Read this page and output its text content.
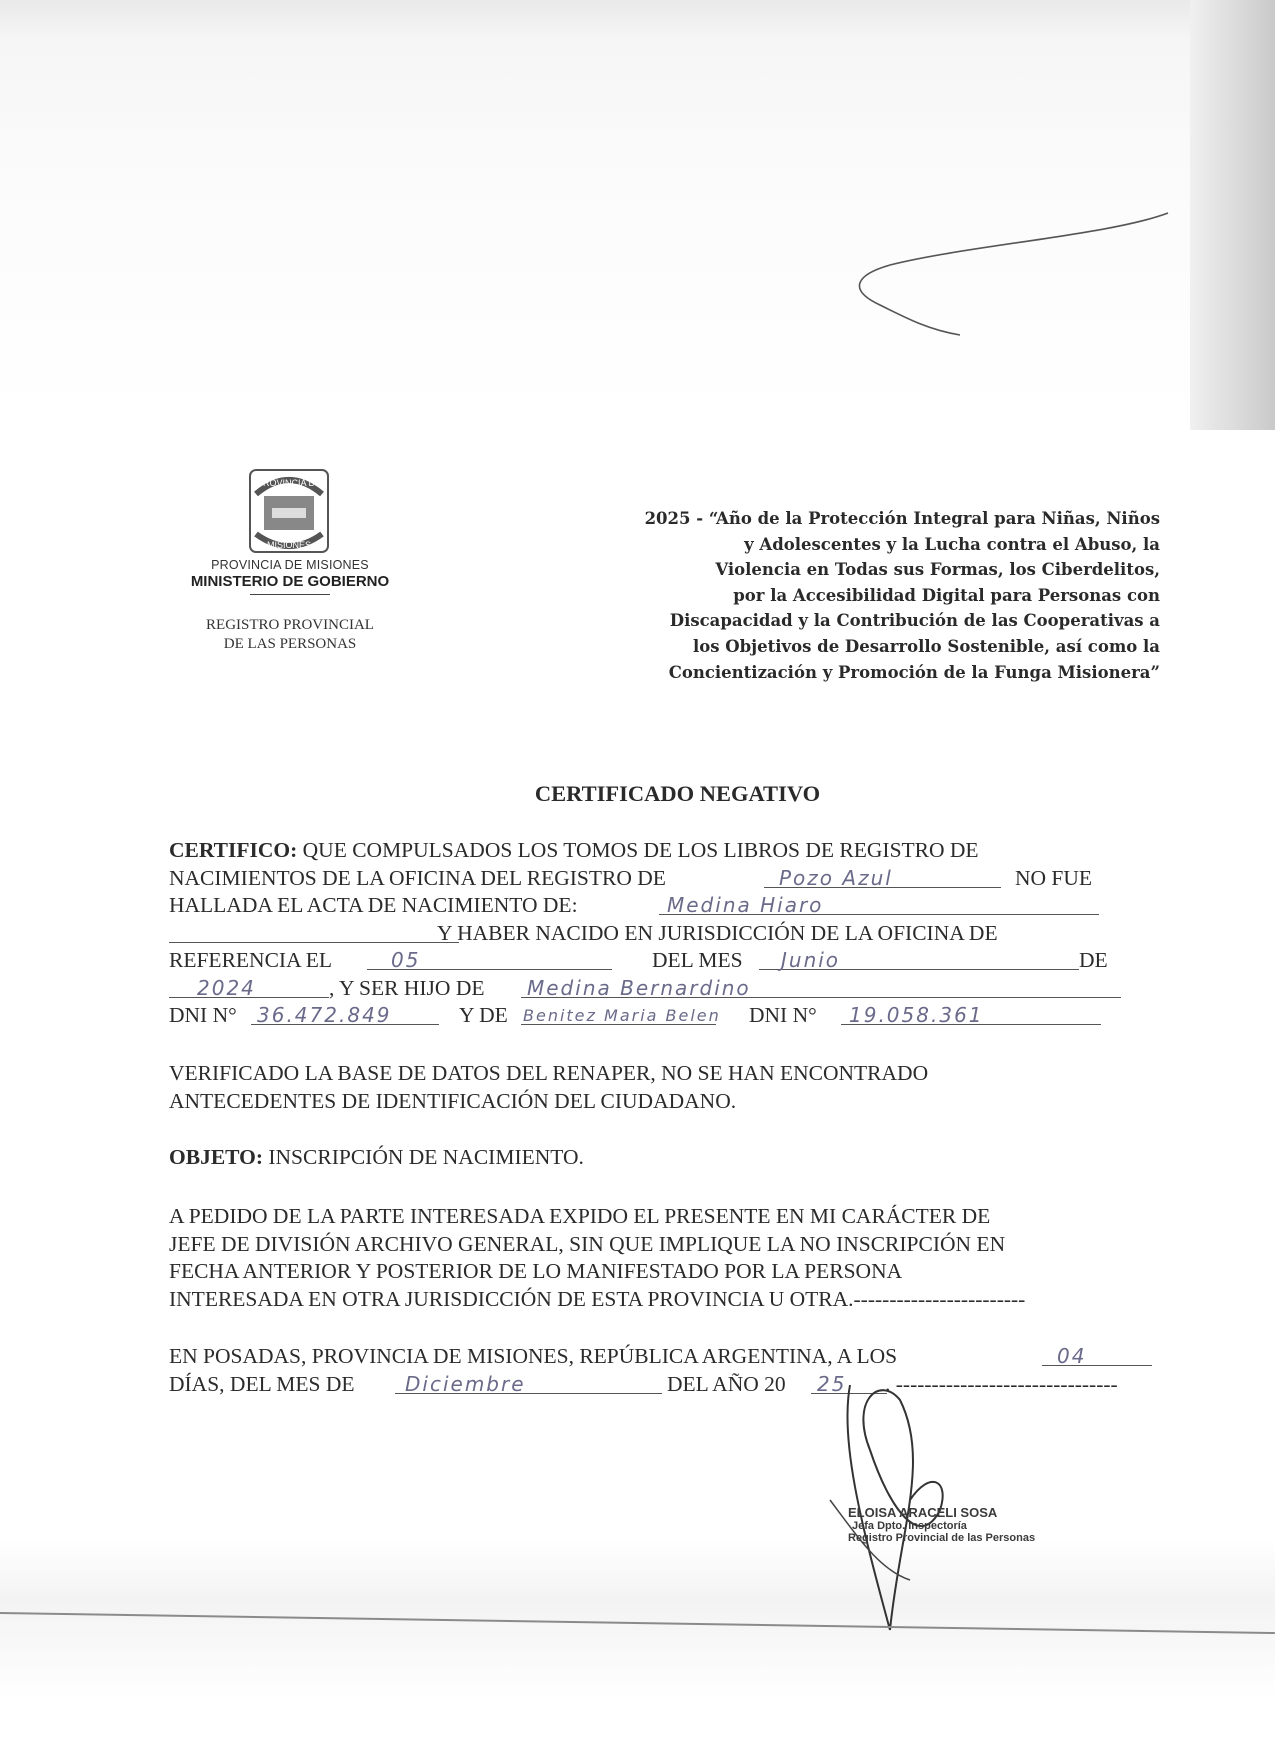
PROVINCIA DE
MISIONES
PROVINCIA DE MISIONES
MINISTERIO DE GOBIERNO
REGISTRO PROVINCIAL
DE LAS PERSONAS
2025 - “Año de la Protección Integral para Niñas, Niños
y Adolescentes y la Lucha contra el Abuso, la
Violencia en Todas sus Formas, los Ciberdelitos,
por la Accesibilidad Digital para Personas con
Discapacidad y la Contribución de las Cooperativas a
los Objetivos de Desarrollo Sostenible, así como la
Concientización y Promoción de la Funga Misionera”
CERTIFICADO NEGATIVO
CERTIFICO: QUE COMPULSADOS LOS TOMOS DE LOS LIBROS DE REGISTRO DE
NACIMIENTOS DE LA OFICINA DEL REGISTRO DE	Pozo Azul	NO FUE
HALLADA EL ACTA DE NACIMIENTO DE:	Medina Hiaro
Y HABER NACIDO EN JURISDICCIÓN DE LA OFICINA DE
REFERENCIA EL	05	DEL MES Junio	DE
2024	, Y SER HIJO DE Medina Bernardino
DNI N° 36.472.849	Y DE Benitez Maria Belen DNI N° 19.058.361
VERIFICADO LA BASE DE DATOS DEL RENAPER, NO SE HAN ENCONTRADO
ANTECEDENTES DE IDENTIFICACIÓN DEL CIUDADANO.
OBJETO: INSCRIPCIÓN DE NACIMIENTO.
A PEDIDO DE LA PARTE INTERESADA EXPIDO EL PRESENTE EN MI CARÁCTER DE
JEFE DE DIVISIÓN ARCHIVO GENERAL, SIN QUE IMPLIQUE LA NO INSCRIPCIÓN EN
FECHA ANTERIOR Y POSTERIOR DE LO MANIFESTADO POR LA PERSONA
INTERESADA EN OTRA JURISDICCIÓN DE ESTA PROVINCIA U OTRA.------------------------
EN POSADAS, PROVINCIA DE MISIONES, REPÚBLICA ARGENTINA, A LOS	04
DÍAS, DEL MES DE	Diciembre	DEL AÑO 20 25 . -------------------------------
ELOISA ARACELI SOSA
Jefa Dpto. Inspectoría
Registro Provincial de las Personas
